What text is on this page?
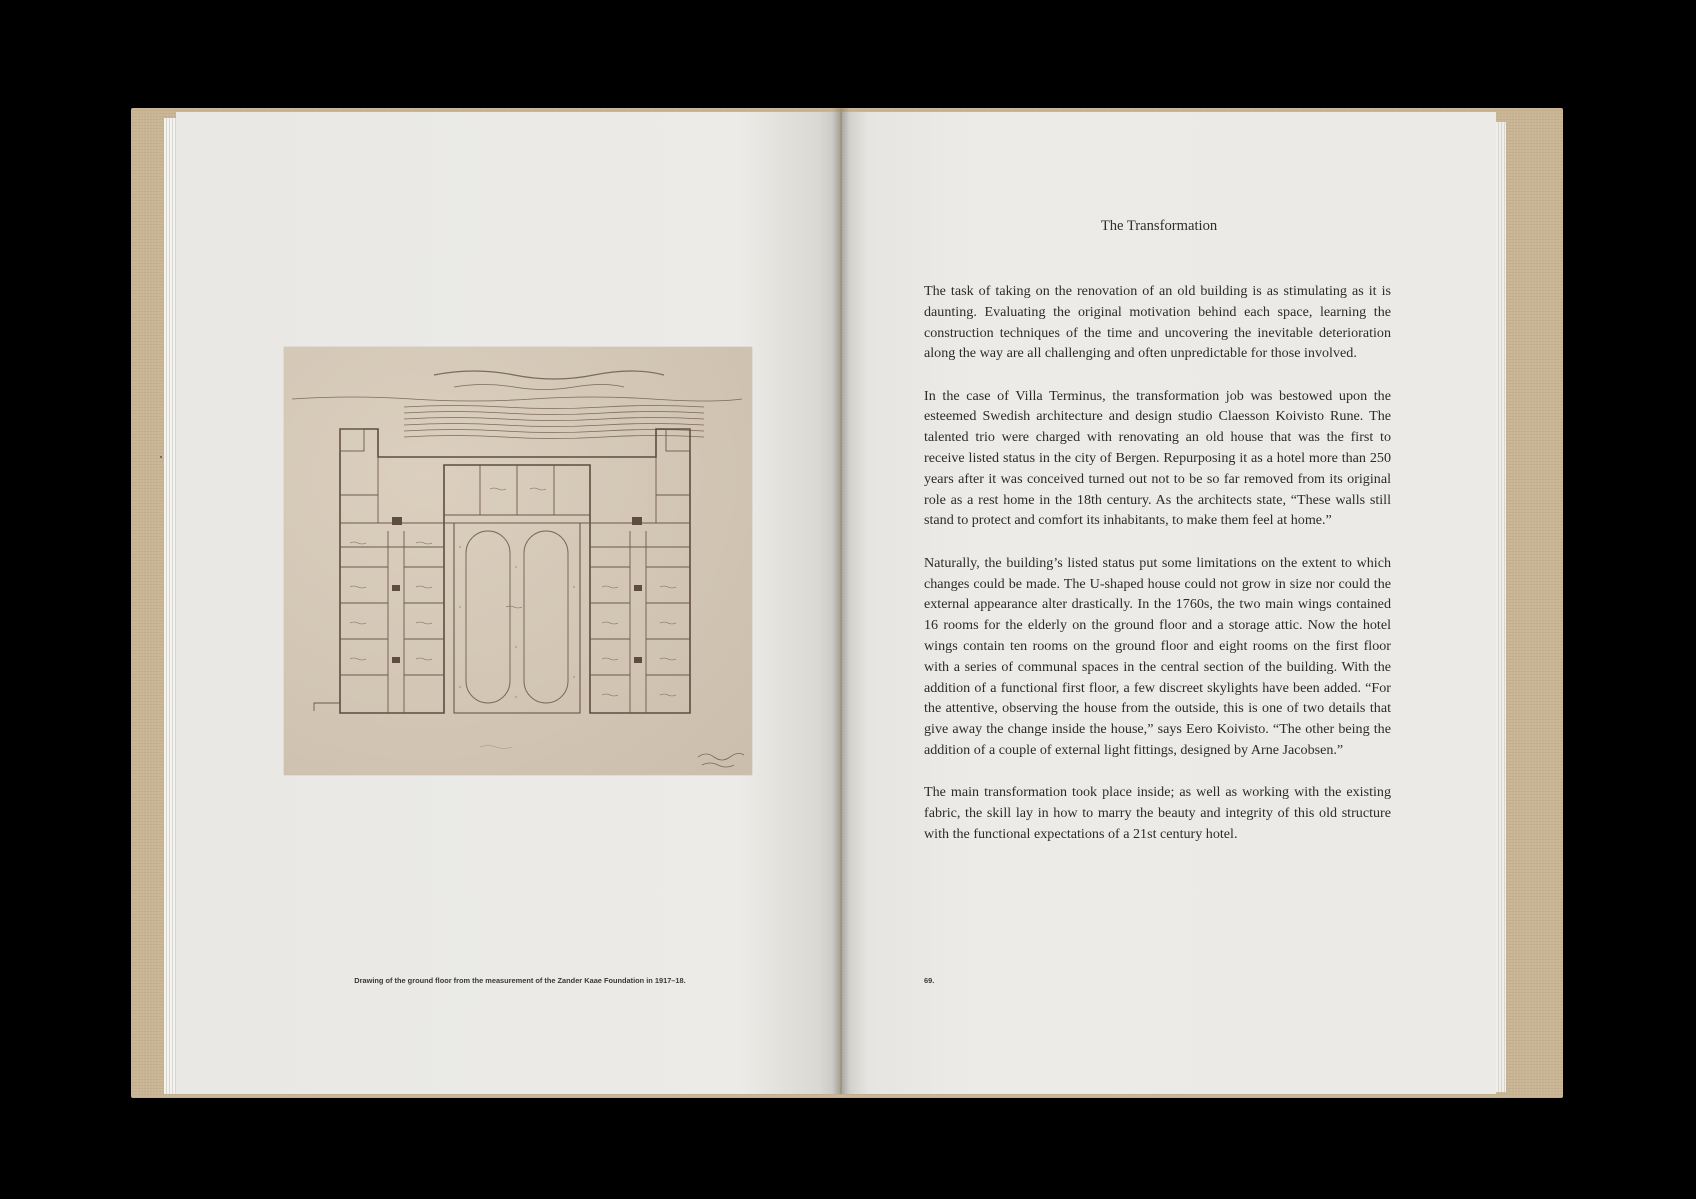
Drawing of the ground floor from the measurement of the Zander Kaae Foundation in 1917–18.
The Transformation

The task of taking on the renovation of an old building is as stimulating as it is daunting. Evaluating the original motivation behind each space, learning the construction techniques of the time and uncovering the inevitable deterioration along the way are all challenging and often unpredictable for those involved.

In the case of Villa Terminus, the transformation job was bestowed upon the esteemed Swedish architecture and design studio Claesson Koivisto Rune. The talented trio were charged with renovating an old house that was the first to receive listed status in the city of Bergen. Repurposing it as a hotel more than 250 years after it was conceived turned out not to be so far removed from its original role as a rest home in the 18th century. As the architects state, “These walls still stand to protect and comfort its inhabitants, to make them feel at home.”

Naturally, the building’s listed status put some limitations on the extent to which changes could be made. The U-shaped house could not grow in size nor could the external appearance alter drastically. In the 1760s, the two main wings contained 16 rooms for the elderly on the ground floor and a storage attic. Now the hotel wings contain ten rooms on the ground floor and eight rooms on the first floor with a series of communal spaces in the central section of the building. With the addition of a functional first floor, a few discreet skylights have been added. “For the attentive, observing the house from the outside, this is one of two details that give away the change inside the house,” says Eero Koivisto. “The other being the addition of a couple of external light fittings, designed by Arne Jacobsen.”

The main transformation took place inside; as well as working with the existing fabric, the skill lay in how to marry the beauty and integrity of this old structure with the functional expectations of a 21st century hotel.

69.
